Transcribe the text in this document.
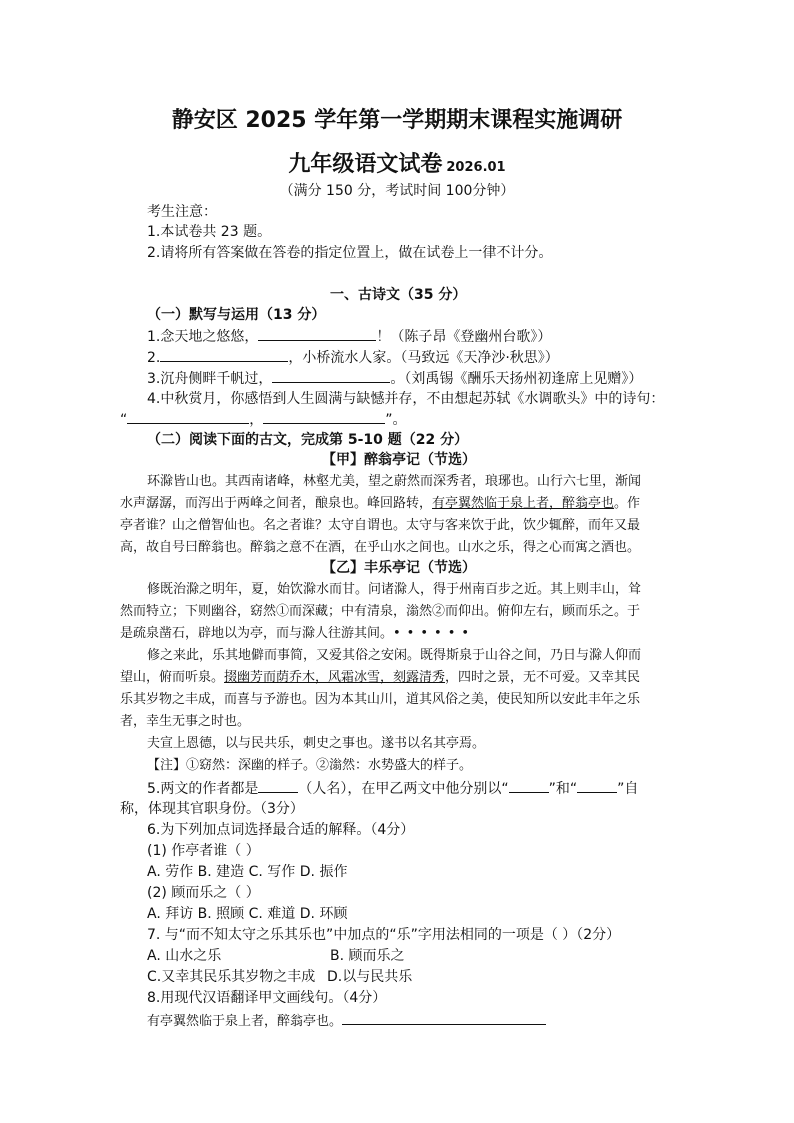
静安区 2025 学年第一学期期末课程实施调研
九年级语文试卷 2026.01
（满分 150 分，考试时间 100分钟）
考生注意：
1.本试卷共 23 题。
2.请将所有答案做在答卷的指定位置上，做在试卷上一律不计分。
一、古诗文（35 分）
（一）默写与运用（13 分）
1.念天地之悠悠，	！（陈子昂《登幽州台歌》）
2.	，小桥流水人家。（马致远《天净沙·秋思》）
3.沉舟侧畔千帆过，	。（刘禹锡《酬乐天扬州初逢席上见赠》）
4.中秋赏月，你感悟到人生圆满与缺憾并存，不由想起苏轼《水调歌头》中的诗句：
“	，	”。
（二）阅读下面的古文，完成第 5-10 题（22 分）
【甲】醉翁亭记（节选）
环滁皆山也。其西南诸峰，林壑尤美，望之蔚然而深秀者，琅琊也。山行六七里，渐闻
水声潺潺，而泻出于两峰之间者，酿泉也。峰回路转，有亭翼然临于泉上者，醉翁亭也。作
亭者谁？山之僧智仙也。名之者谁？太守自谓也。太守与客来饮于此，饮少辄醉，而年又最
高，故自号曰醉翁也。醉翁之意不在酒，在乎山水之间也。山水之乐，得之心而寓之酒也。
【乙】丰乐亭记（节选）
修既治滁之明年，夏，始饮滁水而甘。问诸滁人，得于州南百步之近。其上则丰山，耸
然而特立；下则幽谷，窈然①而深藏；中有清泉，滃然②而仰出。俯仰左右，顾而乐之。于
是疏泉凿石，辟地以为亭，而与滁人往游其间。••••••
修之来此，乐其地僻而事简，又爱其俗之安闲。既得斯泉于山谷之间，乃日与滁人仰而
望山，俯而听泉。掇幽芳而荫乔木，风霜冰雪，刻露清秀，四时之景，无不可爱。又幸其民
乐其岁物之丰成，而喜与予游也。因为本其山川，道其风俗之美，使民知所以安此丰年之乐
者，幸生无事之时也。
夫宣上恩德，以与民共乐，刺史之事也。遂书以名其亭焉。
【注】①窈然：深幽的样子。②滃然：水势盛大的样子。
5.两文的作者都是	（人名），在甲乙两文中他分别以“	”和“	”自
称，体现其官职身份。（3分）
6.为下列加点词选择最合适的解释。（4分）
(1) 作亭者谁（ ）
A. 劳作 B. 建造 C. 写作 D. 振作
(2) 顾而乐之（ ）
A. 拜访 B. 照顾 C. 难道 D. 环顾
7. 与“而不知太守之乐其乐也”中加点的“乐”字用法相同的一项是（ ）（2分）
A. 山水之乐	B. 顾而乐之
C.又幸其民乐其岁物之丰成 D.以与民共乐
8.用现代汉语翻译甲文画线句。（4分）
有亭翼然临于泉上者，醉翁亭也。
